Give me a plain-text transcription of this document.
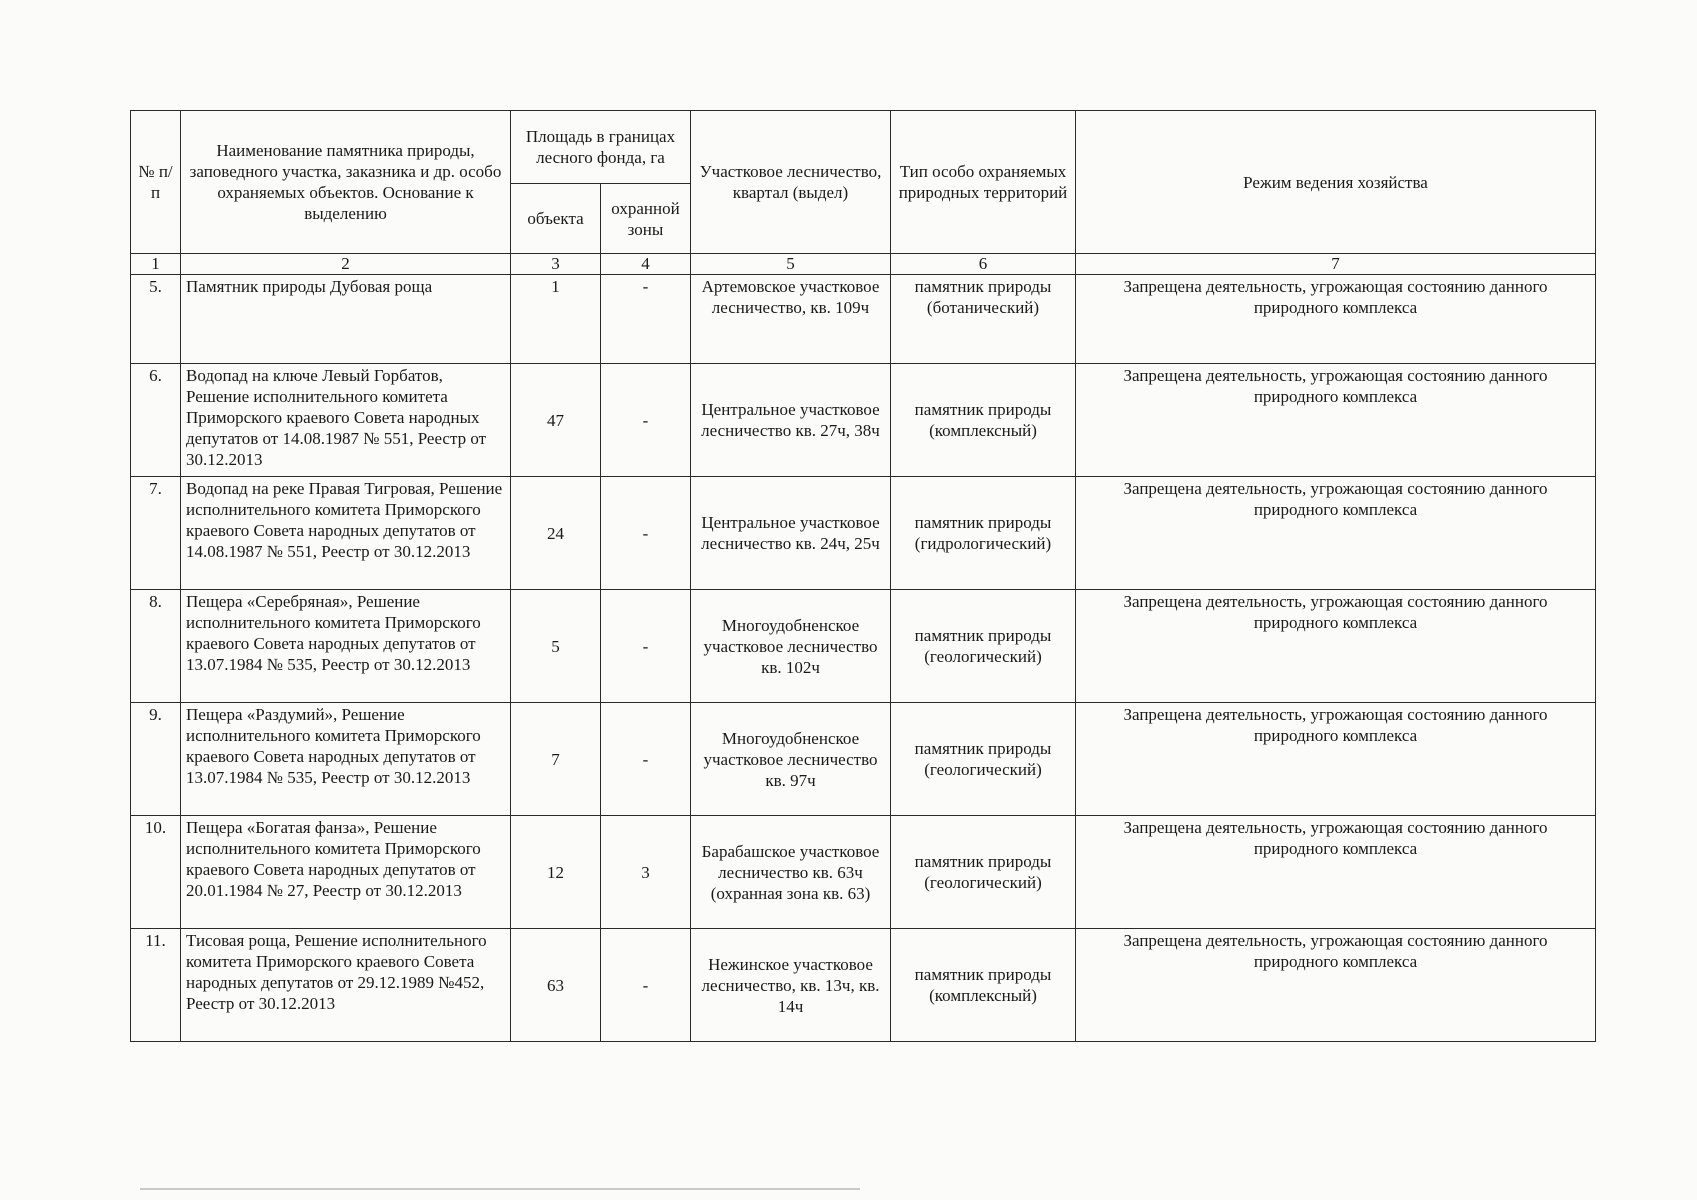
№ п/п	Наименование памятника природы, заповедного участка, заказника и др. особо охраняемых объектов. Основание к выделению	Площадь в границах лесного фонда, га		Участковое лесничество, квартал (выдел)	Тип особо охраняемых природных территорий	Режим ведения хозяйства
		объекта	охранной зоны			
1	2	3	4	5	6	7
5.	Памятник природы Дубовая роща	1	-	Артемовское участковое лесничество, кв. 109ч	памятник природы (ботанический)	Запрещена деятельность, угрожающая состоянию данного природного комплекса
6.	Водопад на ключе Левый Горбатов, Решение исполнительного комитета Приморского краевого Совета народных депутатов от 14.08.1987 № 551, Реестр от 30.12.2013	47	-	Центральное участковое лесничество кв. 27ч, 38ч	памятник природы (комплексный)	Запрещена деятельность, угрожающая состоянию данного природного комплекса
7.	Водопад на реке Правая Тигровая, Решение исполнительного комитета Приморского краевого Совета народных депутатов от 14.08.1987 № 551, Реестр от 30.12.2013	24	-	Центральное участковое лесничество кв. 24ч, 25ч	памятник природы (гидрологический)	Запрещена деятельность, угрожающая состоянию данного природного комплекса
8.	Пещера «Серебряная», Решение исполнительного комитета Приморского краевого Совета народных депутатов от 13.07.1984 № 535, Реестр от 30.12.2013	5	-	Многоудобненское участковое лесничество кв. 102ч	памятник природы (геологический)	Запрещена деятельность, угрожающая состоянию данного природного комплекса
9.	Пещера «Раздумий», Решение исполнительного комитета Приморского краевого Совета народных депутатов от 13.07.1984 № 535, Реестр от 30.12.2013	7	-	Многоудобненское участковое лесничество кв. 97ч	памятник природы (геологический)	Запрещена деятельность, угрожающая состоянию данного природного комплекса
10.	Пещера «Богатая фанза», Решение исполнительного комитета Приморского краевого Совета народных депутатов от 20.01.1984 № 27, Реестр от 30.12.2013	12	3	Барабашское участковое лесничество кв. 63ч (охранная зона кв. 63)	памятник природы (геологический)	Запрещена деятельность, угрожающая состоянию данного природного комплекса
11.	Тисовая роща, Решение исполнительного комитета Приморского краевого Совета народных депутатов от 29.12.1989 №452, Реестр от 30.12.2013	63	-	Нежинское участковое лесничество, кв. 13ч, кв. 14ч	памятник природы (комплексный)	Запрещена деятельность, угрожающая состоянию данного природного комплекса
